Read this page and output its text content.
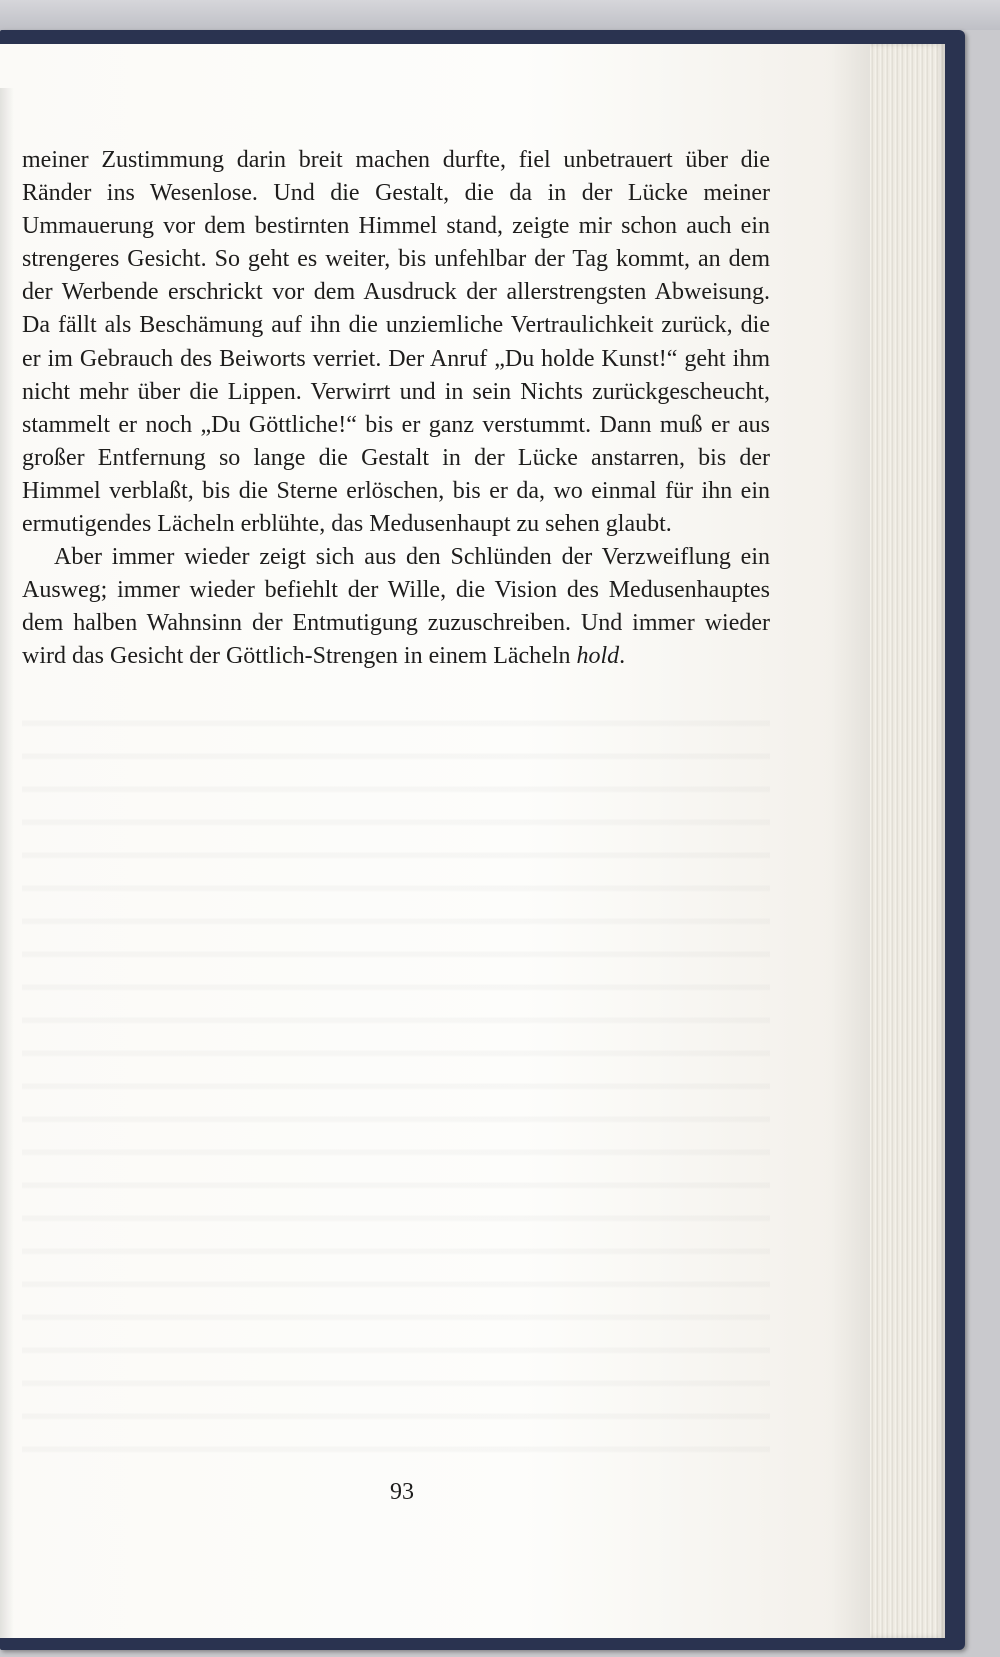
meiner Zustimmung darin breit machen durfte, fiel unbetrauert über die Ränder ins Wesenlose. Und die Gestalt, die da in der Lücke meiner Ummauerung vor dem bestirnten Himmel stand, zeigte mir schon auch ein strengeres Gesicht. So geht es weiter, bis unfehlbar der Tag kommt, an dem der Werbende erschrickt vor dem Ausdruck der allerstrengsten Abweisung. Da fällt als Beschämung auf ihn die unziemliche Vertraulichkeit zurück, die er im Gebrauch des Beiworts verriet. Der Anruf „Du holde Kunst!“ geht ihm nicht mehr über die Lippen. Verwirrt und in sein Nichts zurückgescheucht, stammelt er noch „Du Göttliche!“ bis er ganz verstummt. Dann muß er aus großer Entfernung so lange die Gestalt in der Lücke anstarren, bis der Himmel verblaßt, bis die Sterne erlöschen, bis er da, wo einmal für ihn ein ermutigendes Lächeln erblühte, das Medusenhaupt zu sehen glaubt.

Aber immer wieder zeigt sich aus den Schlünden der Verzweiflung ein Ausweg; immer wieder befiehlt der Wille, die Vision des Medusenhauptes dem halben Wahnsinn der Entmutigung zuzuschreiben. Und immer wieder wird das Gesicht der Göttlich-Strengen in einem Lächeln hold.

93
